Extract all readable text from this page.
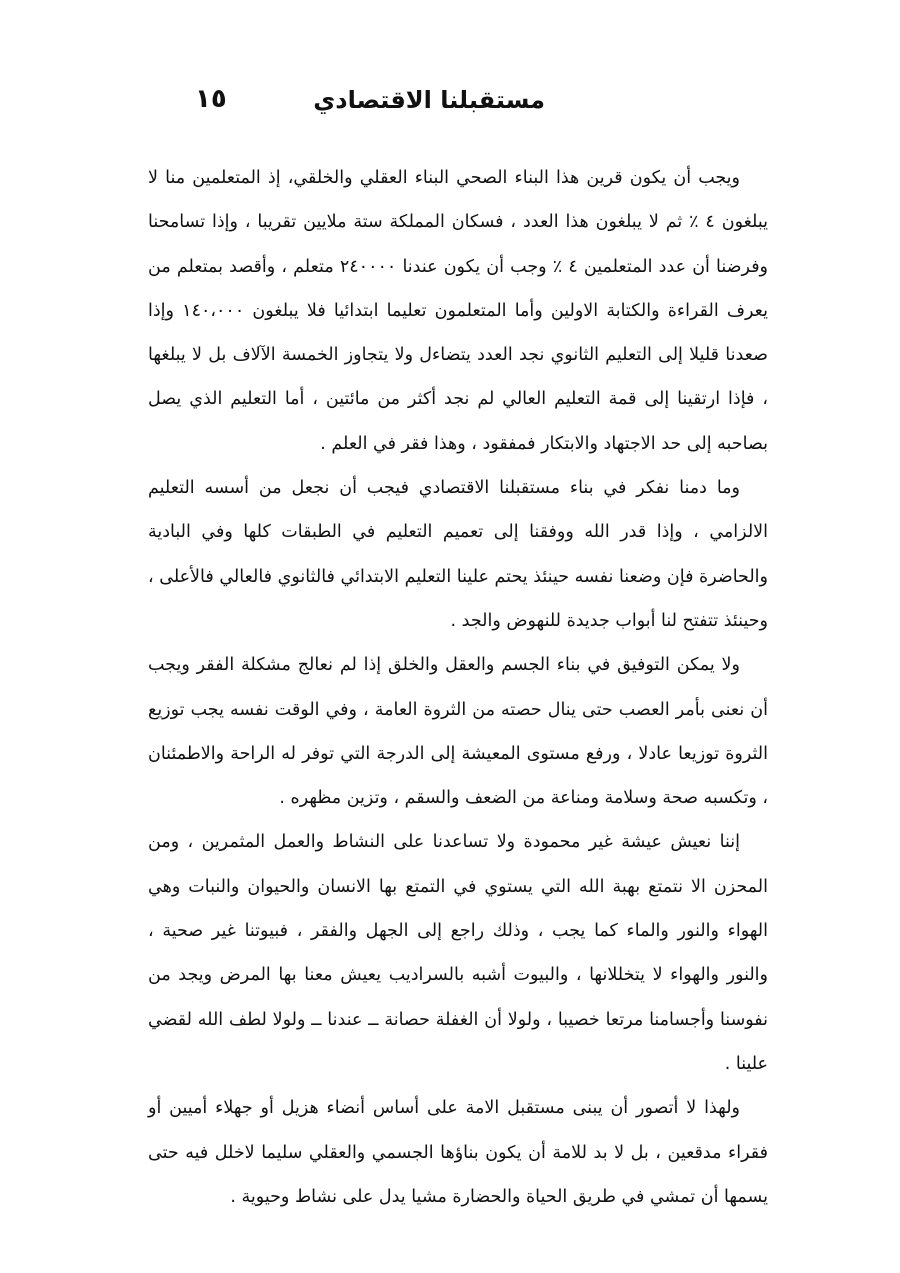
مستقبلنا الاقتصادي
١٥

ويجب أن يكون قرين هذا البناء الصحي البناء العقلي والخلقي، إذ المتعلمين منا لا يبلغون ٤ ٪ ثم لا يبلغون هذا العدد ، فسكان المملكة ستة ملايين تقريبا ، وإذا تسامحنا وفرضنا أن عدد المتعلمين ٤ ٪ وجب أن يكون عندنا ٢٤٠٠٠٠ متعلم ، وأقصد بمتعلم من يعرف القراءة والكتابة الاولين وأما المتعلمون تعليما ابتدائيا فلا يبلغون ١٤٠،٠٠٠ وإذا صعدنا قليلا إلى التعليم الثانوي نجد العدد يتضاءل ولا يتجاوز الخمسة الآلاف بل لا يبلغها ، فإذا ارتقينا إلى قمة التعليم العالي لم نجد أكثر من مائتين ، أما التعليم الذي يصل بصاحبه إلى حد الاجتهاد والابتكار فمفقود ، وهذا فقر في العلم .

وما دمنا نفكر في بناء مستقبلنا الاقتصادي فيجب أن نجعل من أسسه التعليم الالزامي ، وإذا قدر الله ووفقنا إلى تعميم التعليم في الطبقات كلها وفي البادية والحاضرة فإن وضعنا نفسه حينئذ يحتم علينا التعليم الابتدائي فالثانوي فالعالي فالأعلى ، وحينئذ تتفتح لنا أبواب جديدة للنهوض والجد .

ولا يمكن التوفيق في بناء الجسم والعقل والخلق إذا لم نعالج مشكلة الفقر ويجب أن نعنى بأمر العصب حتى ينال حصته من الثروة العامة ، وفي الوقت نفسه يجب توزيع الثروة توزيعا عادلا ، ورفع مستوى المعيشة إلى الدرجة التي توفر له الراحة والاطمئنان ، وتكسبه صحة وسلامة ومناعة من الضعف والسقم ، وتزين مظهره .

إننا نعيش عيشة غير محمودة ولا تساعدنا على النشاط والعمل المثمرين ، ومن المحزن الا نتمتع بهبة الله التي يستوي في التمتع بها الانسان والحيوان والنبات وهي الهواء والنور والماء كما يجب ، وذلك راجع إلى الجهل والفقر ، فبيوتنا غير صحية ، والنور والهواء لا يتخللانها ، والبيوت أشبه بالسراديب يعيش معنا بها المرض ويجد من نفوسنا وأجسامنا مرتعا خصيبا ، ولولا أن الغفلة حصانة ــ عندنا ــ ولولا لطف الله لقضي علينا .

ولهذا لا أتصور أن يبنى مستقبل الامة على أساس أنضاء هزيل أو جهلاء أميين أو فقراء مدقعين ، بل لا بد للامة أن يكون بناؤها الجسمي والعقلي سليما لاخلل فيه حتى يسمها أن تمشي في طريق الحياة والحضارة مشيا يدل على نشاط وحيوية .
